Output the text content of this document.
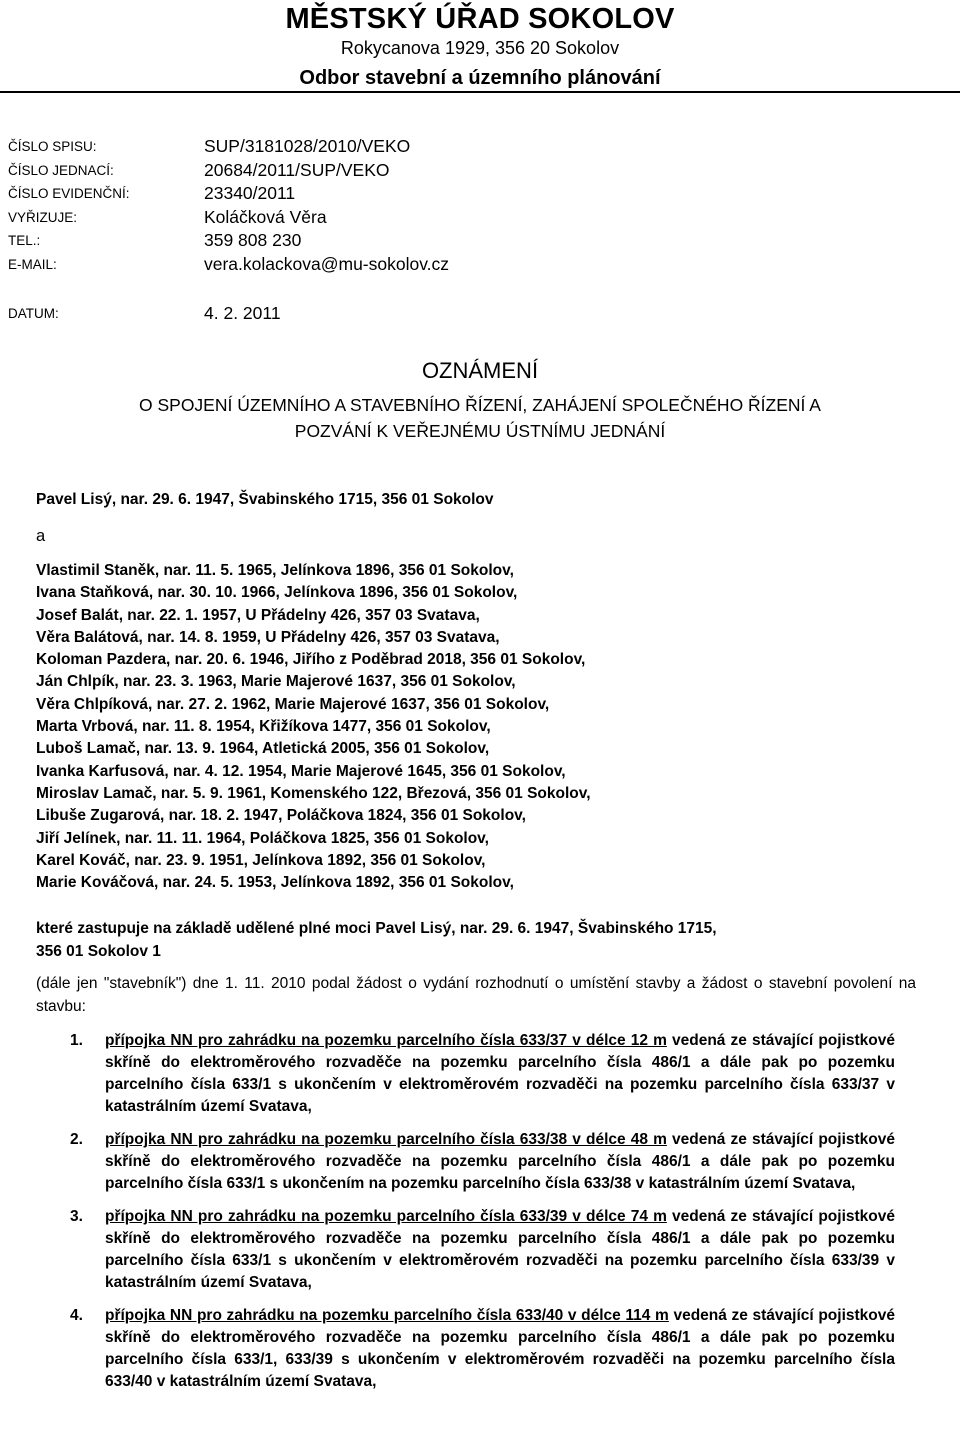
MĚSTSKÝ ÚŘAD SOKOLOV
Rokycanova 1929, 356 20 Sokolov
Odbor stavební a územního plánování
ČÍSLO SPISU:	SUP/3181028/2010/VEKO
ČÍSLO JEDNACÍ:	20684/2011/SUP/VEKO
ČÍSLO EVIDENČNÍ:	23340/2011
VYŘIZUJE:	Koláčková Věra
TEL.:	359 808 230
E-MAIL:	vera.kolackova@mu-sokolov.cz
DATUM:	4. 2. 2011
OZNÁMENÍ
O SPOJENÍ ÚZEMNÍHO A STAVEBNÍHO ŘÍZENÍ, ZAHÁJENÍ SPOLEČNÉHO ŘÍZENÍ A
POZVÁNÍ K VEŘEJNÉMU ÚSTNÍMU JEDNÁNÍ
Pavel Lisý, nar. 29. 6. 1947, Švabinského 1715, 356 01 Sokolov
a
Vlastimil Staněk, nar. 11. 5. 1965, Jelínkova 1896, 356 01 Sokolov,
Ivana Staňková, nar. 30. 10. 1966, Jelínkova 1896, 356 01 Sokolov,
Josef Balát, nar. 22. 1. 1957, U Přádelny 426, 357 03 Svatava,
Věra Balátová, nar. 14. 8. 1959, U Přádelny 426, 357 03 Svatava,
Koloman Pazdera, nar. 20. 6. 1946, Jiřího z Poděbrad 2018, 356 01 Sokolov,
Ján Chlpík, nar. 23. 3. 1963, Marie Majerové 1637, 356 01 Sokolov,
Věra Chlpíková, nar. 27. 2. 1962, Marie Majerové 1637, 356 01 Sokolov,
Marta Vrbová, nar. 11. 8. 1954, Křižíkova 1477, 356 01 Sokolov,
Luboš Lamač, nar. 13. 9. 1964, Atletická 2005, 356 01 Sokolov,
Ivanka Karfusová, nar. 4. 12. 1954, Marie Majerové 1645, 356 01 Sokolov,
Miroslav Lamač, nar. 5. 9. 1961, Komenského 122, Březová, 356 01 Sokolov,
Libuše Zugarová, nar. 18. 2. 1947, Poláčkova 1824, 356 01 Sokolov,
Jiří Jelínek, nar. 11. 11. 1964, Poláčkova 1825, 356 01 Sokolov,
Karel Kováč, nar. 23. 9. 1951, Jelínkova 1892, 356 01 Sokolov,
Marie Kováčová, nar. 24. 5. 1953, Jelínkova 1892, 356 01 Sokolov,
které zastupuje na základě udělené plné moci Pavel Lisý, nar. 29. 6. 1947, Švabinského 1715,
356 01 Sokolov 1
(dále jen "stavebník") dne 1. 11. 2010 podal žádost o vydání rozhodnutí o umístění stavby a žádost o stavební povolení na stavbu:
1.	přípojka NN pro zahrádku na pozemku parcelního čísla 633/37 v délce 12 m vedená ze stávající pojistkové skříně do elektroměrového rozvaděče na pozemku parcelního čísla 486/1 a dále pak po pozemku parcelního čísla 633/1 s ukončením v elektroměrovém rozvaděči na pozemku parcelního čísla 633/37 v katastrálním území Svatava,
2.	přípojka NN pro zahrádku na pozemku parcelního čísla 633/38 v délce 48 m vedená ze stávající pojistkové skříně do elektroměrového rozvaděče na pozemku parcelního čísla 486/1 a dále pak po pozemku parcelního čísla 633/1 s ukončením na pozemku parcelního čísla 633/38 v katastrálním území Svatava,
3.	přípojka NN pro zahrádku na pozemku parcelního čísla 633/39 v délce 74 m vedená ze stávající pojistkové skříně do elektroměrového rozvaděče na pozemku parcelního čísla 486/1 a dále pak po pozemku parcelního čísla 633/1 s ukončením v elektroměrovém rozvaděči na pozemku parcelního čísla 633/39 v katastrálním území Svatava,
4.	přípojka NN pro zahrádku na pozemku parcelního čísla 633/40 v délce 114 m vedená ze stávající pojistkové skříně do elektroměrového rozvaděče na pozemku parcelního čísla 486/1 a dále pak po pozemku parcelního čísla 633/1, 633/39 s ukončením v elektroměrovém rozvaděči na pozemku parcelního čísla 633/40 v katastrálním území Svatava,
